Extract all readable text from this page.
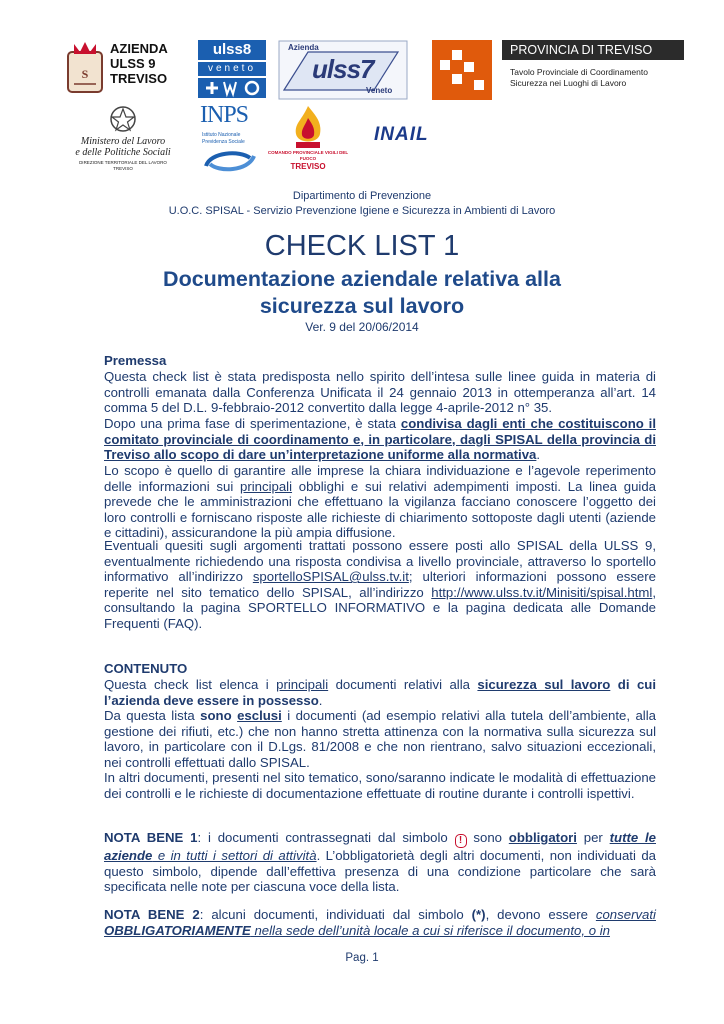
S
AZIENDA
ULSS 9
TREVISO
ulss8
veneto
Azienda
ulss7
Veneto
PROVINCIA DI TREVISO
Tavolo Provinciale di Coordinamento
Sicurezza nei Luoghi di Lavoro
Ministero del Lavoro
e delle Politiche Sociali
DIREZIONE TERRITORIALE DEL LAVORO
TREVISO
INPS
Istituto Nazionale
Previdenza Sociale
COMANDO PROVINCIALE VIGILI DEL FUOCO
TREVISO
INAIL
Dipartimento di Prevenzione
U.O.C. SPISAL - Servizio Prevenzione Igiene e Sicurezza in Ambienti di Lavoro
CHECK LIST 1
Documentazione aziendale relativa alla
sicurezza sul lavoro
Ver. 9 del 20/06/2014
Premessa
Questa check list è stata predisposta nello spirito dell’intesa sulle linee guida in materia di controlli emanata dalla Conferenza Unificata il 24 gennaio 2013 in ottemperanza all’art. 14 comma 5 del D.L. 9-febbraio-2012 convertito dalla legge 4-aprile-2012 n° 35.
Dopo una prima fase di sperimentazione, è stata condivisa dagli enti che costituiscono il comitato provinciale di coordinamento e, in particolare, dagli SPISAL della provincia di Treviso allo scopo di dare un’interpretazione uniforme alla normativa.
Lo scopo è quello di garantire alle imprese la chiara individuazione e l’agevole reperimento delle informazioni sui principali obblighi e sui relativi adempimenti imposti. La linea guida prevede che le amministrazioni che effettuano la vigilanza facciano conoscere l’oggetto dei loro controlli e forniscano risposte alle richieste di chiarimento sottoposte dagli utenti (aziende e cittadini), assicurandone la più ampia diffusione.
Eventuali quesiti sugli argomenti trattati possono essere posti allo SPISAL della ULSS 9, eventualmente richiedendo una risposta condivisa a livello provinciale, attraverso lo sportello informativo all’indirizzo sportelloSPISAL@ulss.tv.it; ulteriori informazioni possono essere reperite nel sito tematico dello SPISAL, all’indirizzo http://www.ulss.tv.it/Minisiti/spisal.html, consultando la pagina SPORTELLO INFORMATIVO e la pagina dedicata alle Domande Frequenti (FAQ).
CONTENUTO
Questa check list elenca i principali documenti relativi alla sicurezza sul lavoro di cui l’azienda deve essere in possesso.
Da questa lista sono esclusi i documenti (ad esempio relativi alla tutela dell’ambiente, alla gestione dei rifiuti, etc.) che non hanno stretta attinenza con la normativa sulla sicurezza sul lavoro, in particolare con il D.Lgs. 81/2008 e che non rientrano, salvo situazioni eccezionali, nei controlli effettuati dallo SPISAL.
In altri documenti, presenti nel sito tematico, sono/saranno indicate le modalità di effettuazione dei controlli e le richieste di documentazione effettuate di routine durante i controlli ispettivi.
NOTA BENE 1: i documenti contrassegnati dal simbolo ! sono obbligatori per tutte le aziende e in tutti i settori di attività. L’obbligatorietà degli altri documenti, non individuati da questo simbolo, dipende dall’effettiva presenza di una condizione particolare che sarà specificata nelle note per ciascuna voce della lista.
NOTA BENE 2: alcuni documenti, individuati dal simbolo (*), devono essere conservati OBBLIGATORIAMENTE nella sede dell’unità locale a cui si riferisce il documento, o in
Pag. 1
